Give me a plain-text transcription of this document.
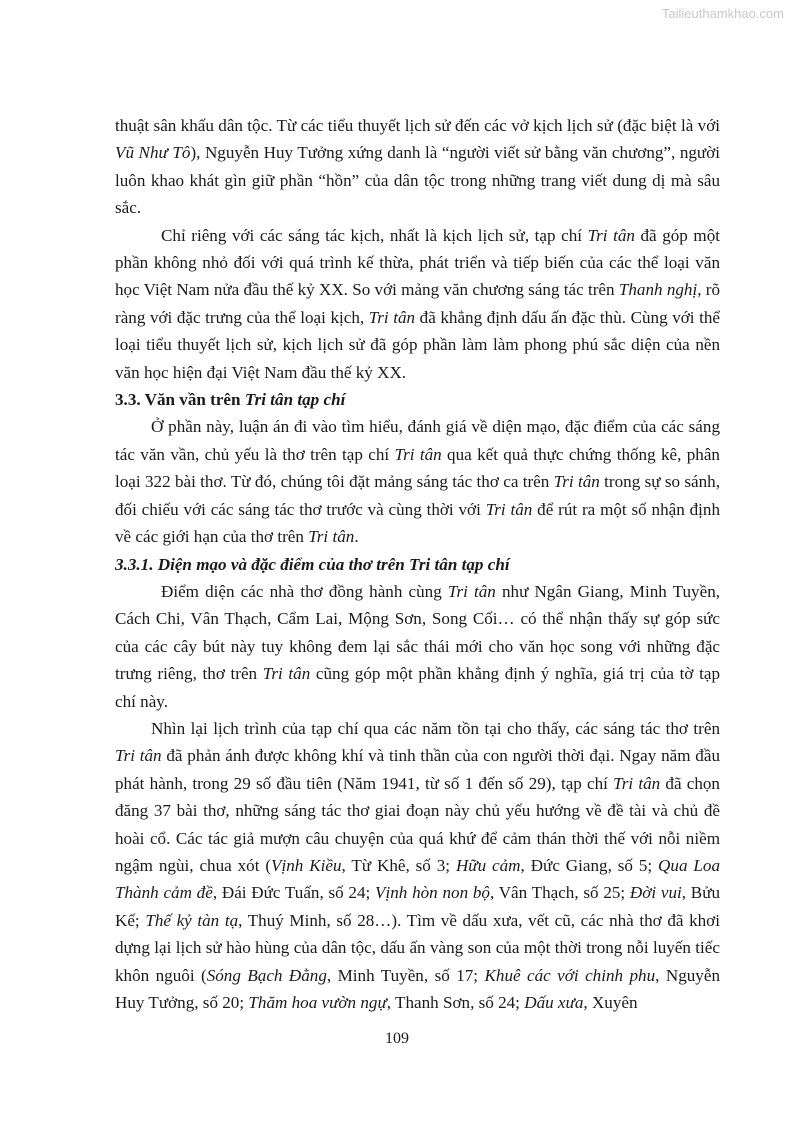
Tailieuthamkhao.com

thuật sân khấu dân tộc. Từ các tiểu thuyết lịch sử đến các vở kịch lịch sử (đặc biệt là với Vũ Như Tô), Nguyễn Huy Tưởng xứng danh là “người viết sử bằng văn chương”, người luôn khao khát gìn giữ phần “hồn” của dân tộc trong những trang viết dung dị mà sâu sắc.

Chỉ riêng với các sáng tác kịch, nhất là kịch lịch sử, tạp chí Tri tân đã góp một phần không nhỏ đối với quá trình kế thừa, phát triển và tiếp biến của các thể loại văn học Việt Nam nửa đầu thế kỷ XX. So với mảng văn chương sáng tác trên Thanh nghị, rõ ràng với đặc trưng của thể loại kịch, Tri tân đã khẳng định dấu ấn đặc thù. Cùng với thể loại tiểu thuyết lịch sử, kịch lịch sử đã góp phần làm làm phong phú sắc diện của nền văn học hiện đại Việt Nam đầu thế kỷ XX.

3.3. Văn vần trên Tri tân tạp chí

Ở phần này, luận án đi vào tìm hiểu, đánh giá về diện mạo, đặc điểm của các sáng tác văn vần, chủ yếu là thơ trên tạp chí Tri tân qua kết quả thực chứng thống kê, phân loại 322 bài thơ. Từ đó, chúng tôi đặt mảng sáng tác thơ ca trên Tri tân trong sự so sánh, đối chiếu với các sáng tác thơ trước và cùng thời với Tri tân để rút ra một số nhận định về các giới hạn của thơ trên Tri tân.

3.3.1. Diện mạo và đặc điểm của thơ trên Tri tân tạp chí

Điểm diện các nhà thơ đồng hành cùng Tri tân như Ngân Giang, Minh Tuyền, Cách Chi, Vân Thạch, Cẩm Lai, Mộng Sơn, Song Cối… có thể nhận thấy sự góp sức của các cây bút này tuy không đem lại sắc thái mới cho văn học song với những đặc trưng riêng, thơ trên Tri tân cũng góp một phần khẳng định ý nghĩa, giá trị của tờ tạp chí này.

Nhìn lại lịch trình của tạp chí qua các năm tồn tại cho thấy, các sáng tác thơ trên Tri tân đã phản ánh được không khí và tinh thần của con người thời đại. Ngay năm đầu phát hành, trong 29 số đầu tiên (Năm 1941, từ số 1 đến số 29), tạp chí Tri tân đã chọn đăng 37 bài thơ, những sáng tác thơ giai đoạn này chủ yếu hướng về đề tài và chủ đề hoài cổ. Các tác giả mượn câu chuyện của quá khứ để cảm thán thời thế với nỗi niềm ngậm ngùi, chua xót (Vịnh Kiều, Từ Khê, số 3; Hữu cảm, Đức Giang, số 5; Qua Loa Thành cảm đề, Đái Đức Tuấn, số 24; Vịnh hòn non bộ, Vân Thạch, số 25; Đời vui, Bửu Kế; Thế kỷ tàn tạ, Thuý Minh, số 28…). Tìm về dấu xưa, vết cũ, các nhà thơ đã khơi dựng lại lịch sử hào hùng của dân tộc, dấu ấn vàng son của một thời trong nỗi luyến tiếc khôn nguôi (Sóng Bạch Đằng, Minh Tuyền, số 17; Khuê các với chinh phu, Nguyễn Huy Tưởng, số 20; Thăm hoa vườn ngự, Thanh Sơn, số 24; Dấu xưa, Xuyên

109
